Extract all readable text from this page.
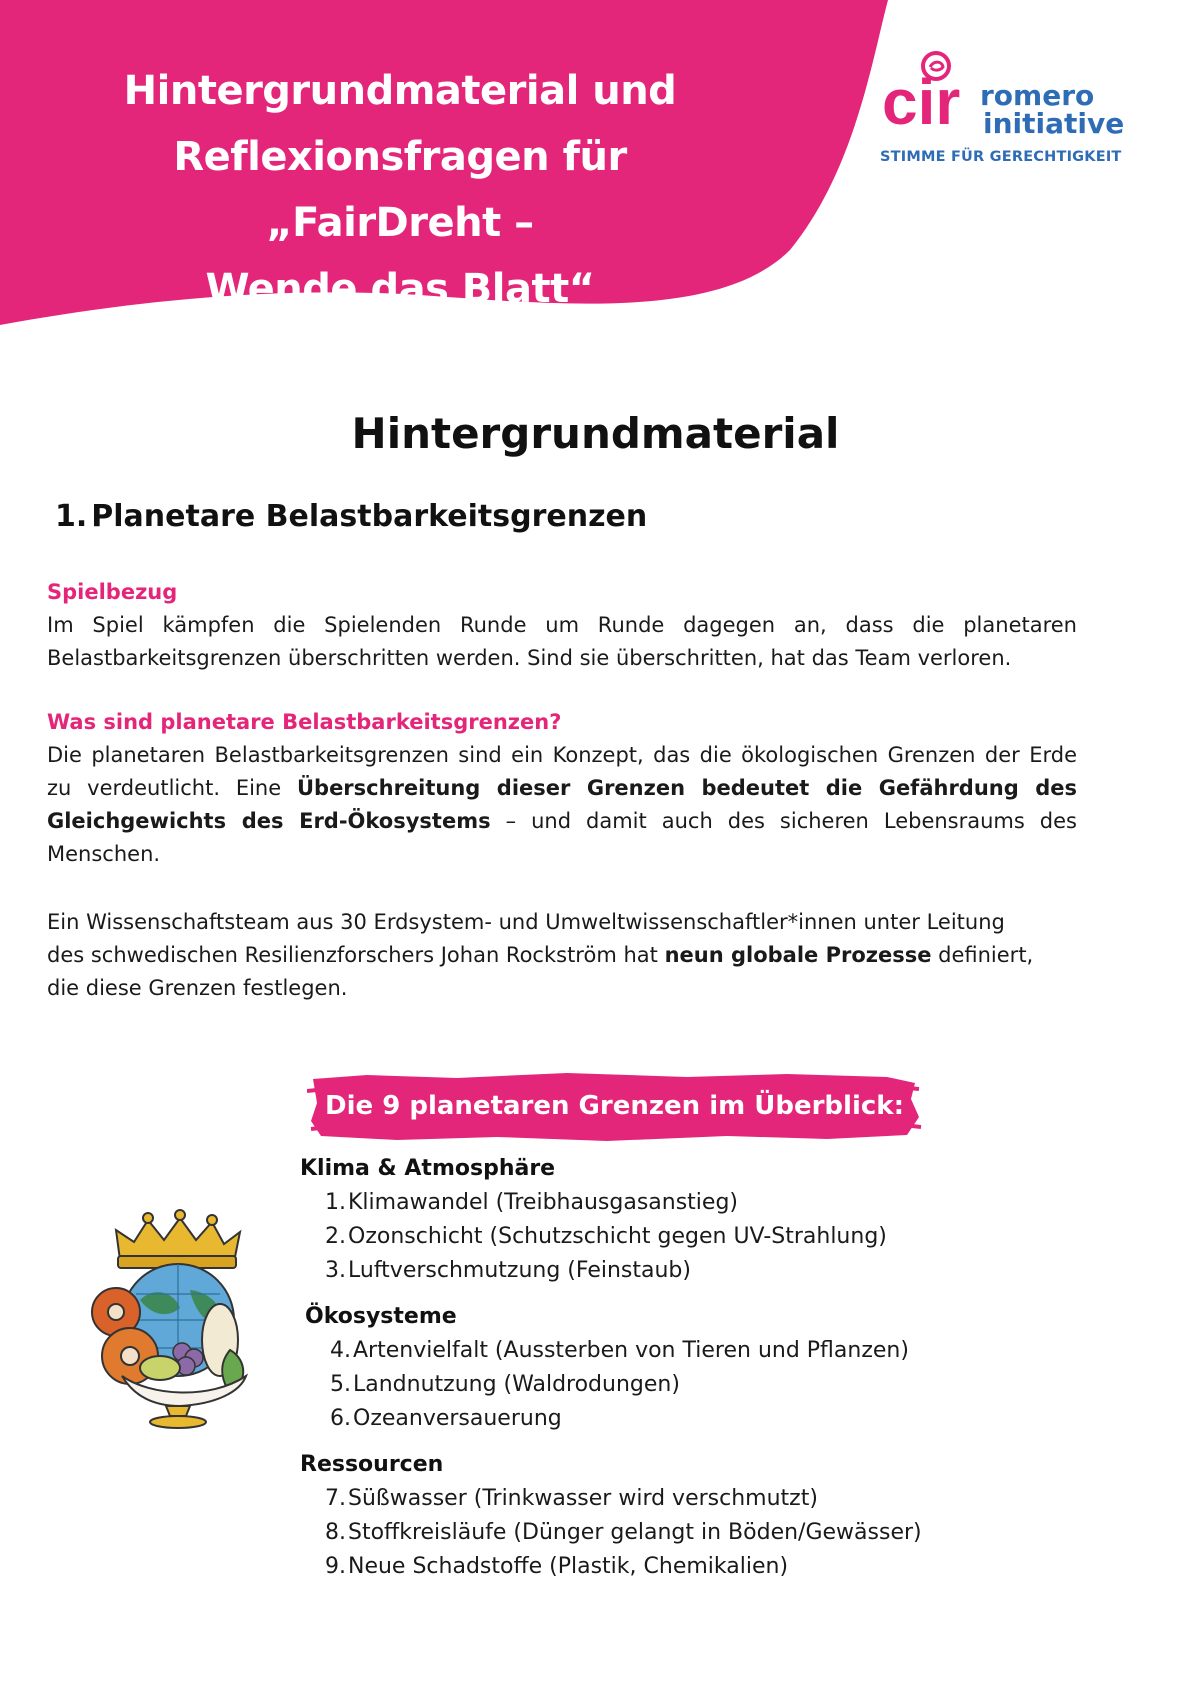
Hintergrundmaterial und
Reflexionsfragen für
„FairDreht –
Wende das Blatt“
cir romero
initiative
STIMME FÜR GERECHTIGKEIT
Hintergrundmaterial
1. Planetare Belastbarkeitsgrenzen
Spielbezug
Im Spiel kämpfen die Spielenden Runde um Runde dagegen an, dass die planetaren Belastbarkeitsgrenzen überschritten werden. Sind sie überschritten, hat das Team verloren.
Was sind planetare Belastbarkeitsgrenzen?
Die planetaren Belastbarkeitsgrenzen sind ein Konzept, das die ökologischen Grenzen der Erde zu verdeutlicht. Eine Überschreitung dieser Grenzen bedeutet die Gefährdung des Gleichgewichts des Erd-Ökosystems – und damit auch des sicheren Lebensraums des Menschen.
Ein Wissenschaftsteam aus 30 Erdsystem- und Umweltwissenschaftler*innen unter Leitung
des schwedischen Resilienzforschers Johan Rockström hat neun globale Prozesse definiert,
die diese Grenzen festlegen.
Die 9 planetaren Grenzen im Überblick:
Klima & Atmosphäre
1.Klimawandel (Treibhausgasanstieg)
2.Ozonschicht (Schutzschicht gegen UV-Strahlung)
3.Luftverschmutzung (Feinstaub)
Ökosysteme
4.Artenvielfalt (Aussterben von Tieren und Pflanzen)
5.Landnutzung (Waldrodungen)
6.Ozeanversauerung
Ressourcen
7.Süßwasser (Trinkwasser wird verschmutzt)
8.Stoffkreisläufe (Dünger gelangt in Böden/Gewässer)
9.Neue Schadstoffe (Plastik, Chemikalien)
